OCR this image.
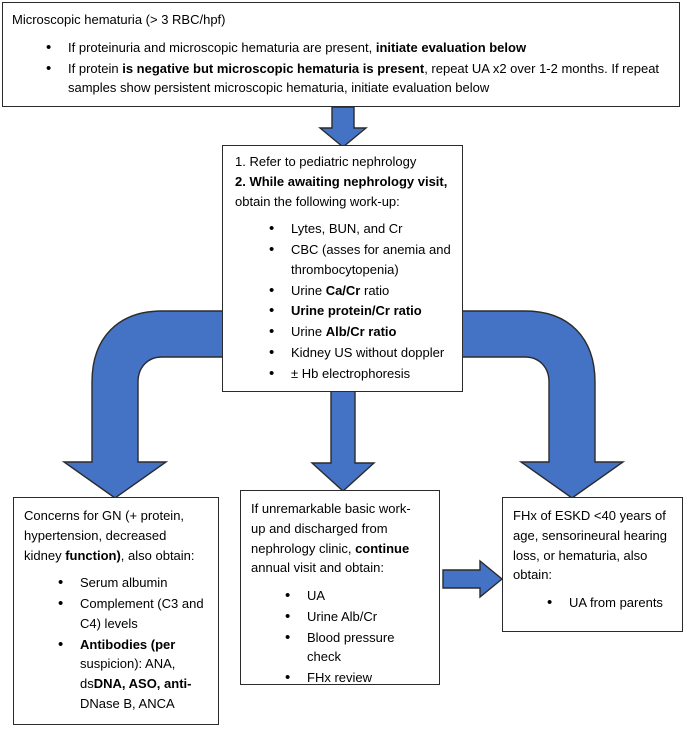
Microscopic hematuria (> 3 RBC/hpf)

• If proteinuria and microscopic hematuria are present, initiate evaluation below
• If protein is negative but microscopic hematuria is present, repeat UA x2 over 1-2 months. If repeat samples show persistent microscopic hematuria, initiate evaluation below

1. Refer to pediatric nephrology

2. While awaiting nephrology visit,

obtain the following work-up:

• Lytes, BUN, and Cr
• CBC (asses for anemia and thrombocytopenia)
• Urine Ca/Cr ratio
• Urine protein/Cr ratio
• Urine Alb/Cr ratio
• Kidney US without doppler
• ± Hb electrophoresis

Concerns for GN (+ protein,

hypertension, decreased

kidney function), also obtain:

• Serum albumin
• Complement (C3 and C4) levels
• Antibodies (per suspicion): ANA, dsDNA, ASO, anti- DNase B, ANCA

If unremarkable basic work-

up and discharged from

nephrology clinic, continue

annual visit and obtain:

• UA
• Urine Alb/Cr
• Blood pressure check
• FHx review

FHx of ESKD <40 years of

age, sensorineural hearing

loss, or hematuria, also

obtain:

• UA from parents
